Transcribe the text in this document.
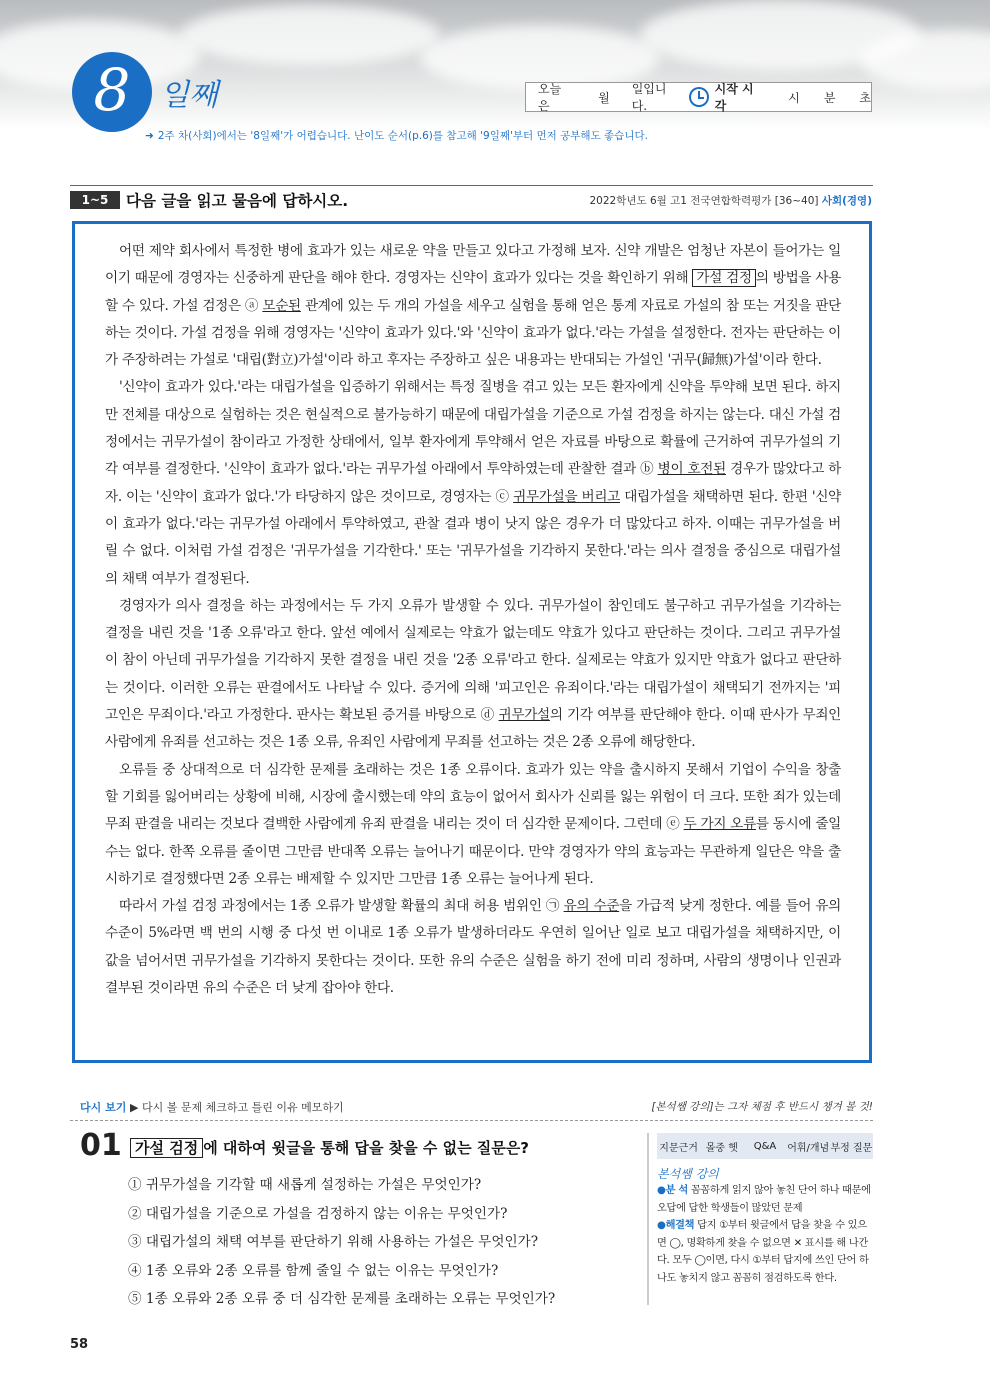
8 일째	오늘은
월
일입니다.
시작 시각
시 분 초
➜ 2주 차(사회)에서는 '8일째'가 어렵습니다. 난이도 순서(p.6)를 참고해 '9일째'부터 먼저 공부해도 좋습니다.
1~5	다음 글을 읽고 물음에 답하시오.	2022학년도 6월 고1 전국연합학력평가 [36~40] 사회(경영)

어떤 제약 회사에서 특정한 병에 효과가 있는 새로운 약을 만들고 있다고 가정해 보자. 신약 개발은 엄청난 자본이 들어가는 일이기 때문에 경영자는 신중하게 판단을 해야 한다. 경영자는 신약이 효과가 있다는 것을 확인하기 위해 가설 검정 의 방법을 사용할 수 있다. 가설 검정은 ⓐ 모순된 관계에 있는 두 개의 가설을 세우고 실험을 통해 얻은 통계 자료로 가설의 참 또는 거짓을 판단하는 것이다. 가설 검정을 위해 경영자는 '신약이 효과가 있다.'와 '신약이 효과가 없다.'라는 가설을 설정한다. 전자는 판단하는 이가 주장하려는 가설로 '대립(對立)가설'이라 하고 후자는 주장하고 싶은 내용과는 반대되는 가설인 '귀무(歸無)가설'이라 한다.

'신약이 효과가 있다.'라는 대립가설을 입증하기 위해서는 특정 질병을 겪고 있는 모든 환자에게 신약을 투약해 보면 된다. 하지만 전체를 대상으로 실험하는 것은 현실적으로 불가능하기 때문에 대립가설을 기준으로 가설 검정을 하지는 않는다. 대신 가설 검정에서는 귀무가설이 참이라고 가정한 상태에서, 일부 환자에게 투약해서 얻은 자료를 바탕으로 확률에 근거하여 귀무가설의 기각 여부를 결정한다. '신약이 효과가 없다.'라는 귀무가설 아래에서 투약하였는데 관찰한 결과 ⓑ 병이 호전된 경우가 많았다고 하자. 이는 '신약이 효과가 없다.'가 타당하지 않은 것이므로, 경영자는 ⓒ 귀무가설을 버리고 대립가설을 채택하면 된다. 한편 '신약이 효과가 없다.'라는 귀무가설 아래에서 투약하였고, 관찰 결과 병이 낫지 않은 경우가 더 많았다고 하자. 이때는 귀무가설을 버릴 수 없다. 이처럼 가설 검정은 '귀무가설을 기각한다.' 또는 '귀무가설을 기각하지 못한다.'라는 의사 결정을 중심으로 대립가설의 채택 여부가 결정된다.

경영자가 의사 결정을 하는 과정에서는 두 가지 오류가 발생할 수 있다. 귀무가설이 참인데도 불구하고 귀무가설을 기각하는 결정을 내린 것을 '1종 오류'라고 한다. 앞선 예에서 실제로는 약효가 없는데도 약효가 있다고 판단하는 것이다. 그리고 귀무가설이 참이 아닌데 귀무가설을 기각하지 못한 결정을 내린 것을 '2종 오류'라고 한다. 실제로는 약효가 있지만 약효가 없다고 판단하는 것이다. 이러한 오류는 판결에서도 나타날 수 있다. 증거에 의해 '피고인은 유죄이다.'라는 대립가설이 채택되기 전까지는 '피고인은 무죄이다.'라고 가정한다. 판사는 확보된 증거를 바탕으로 ⓓ 귀무가설의 기각 여부를 판단해야 한다. 이때 판사가 무죄인 사람에게 유죄를 선고하는 것은 1종 오류, 유죄인 사람에게 무죄를 선고하는 것은 2종 오류에 해당한다.

오류들 중 상대적으로 더 심각한 문제를 초래하는 것은 1종 오류이다. 효과가 있는 약을 출시하지 못해서 기업이 수익을 창출할 기회를 잃어버리는 상황에 비해, 시장에 출시했는데 약의 효능이 없어서 회사가 신뢰를 잃는 위험이 더 크다. 또한 죄가 있는데 무죄 판결을 내리는 것보다 결백한 사람에게 유죄 판결을 내리는 것이 더 심각한 문제이다. 그런데 ⓔ 두 가지 오류를 동시에 줄일 수는 없다. 한쪽 오류를 줄이면 그만큼 반대쪽 오류는 늘어나기 때문이다. 만약 경영자가 약의 효능과는 무관하게 일단은 약을 출시하기로 결정했다면 2종 오류는 배제할 수 있지만 그만큼 1종 오류는 늘어나게 된다.

따라서 가설 검정 과정에서는 1종 오류가 발생할 확률의 최대 허용 범위인 ㉠ 유의 수준을 가급적 낮게 정한다. 예를 들어 유의 수준이 5%라면 백 번의 시행 중 다섯 번 이내로 1종 오류가 발생하더라도 우연히 일어난 일로 보고 대립가설을 채택하지만, 이 값을 넘어서면 귀무가설을 기각하지 못한다는 것이다. 또한 유의 수준은 실험을 하기 전에 미리 정하며, 사람의 생명이나 인권과 결부된 것이라면 유의 수준은 더 낮게 잡아야 한다.

다시 보기 ▶ 다시 볼 문제 체크하고 틀린 이유 메모하기	[본석쌤 강의]는 그자 체점 후 반드시 챙겨 볼 것!
01 가설 검정 에 대하여 윗글을 통해 답을 찾을 수 없는 질문은?
① 귀무가설을 기각할 때 새롭게 설정하는 가설은 무엇인가?
② 대립가설을 기준으로 가설을 검정하지 않는 이유는 무엇인가?
③ 대립가설의 채택 여부를 판단하기 위해 사용하는 가설은 무엇인가?
④ 1종 오류와 2종 오류를 함께 줄일 수 없는 이유는 무엇인가?
⑤ 1종 오류와 2종 오류 중 더 심각한 문제를 초래하는 오류는 무엇인가?
지문근거 몰중 헷	Q&A	어휘/개념 부정 질문
본석쌤 강의
●분 석 꼼꼼하게 읽지 않아 놓친 단어 하나 때문에 오답에 답한 학생들이 많았던 문제
●해결책 답지 ①부터 윗글에서 답을 찾을 수 있으면 ◯, 명확하게 찾을 수 없으면 ✕ 표시를 해 나간다. 모두 ◯이면, 다시 ①부터 답지에 쓰인 단어 하나도 놓치지 않고 꼼꼼히 점검하도록 한다.
58
